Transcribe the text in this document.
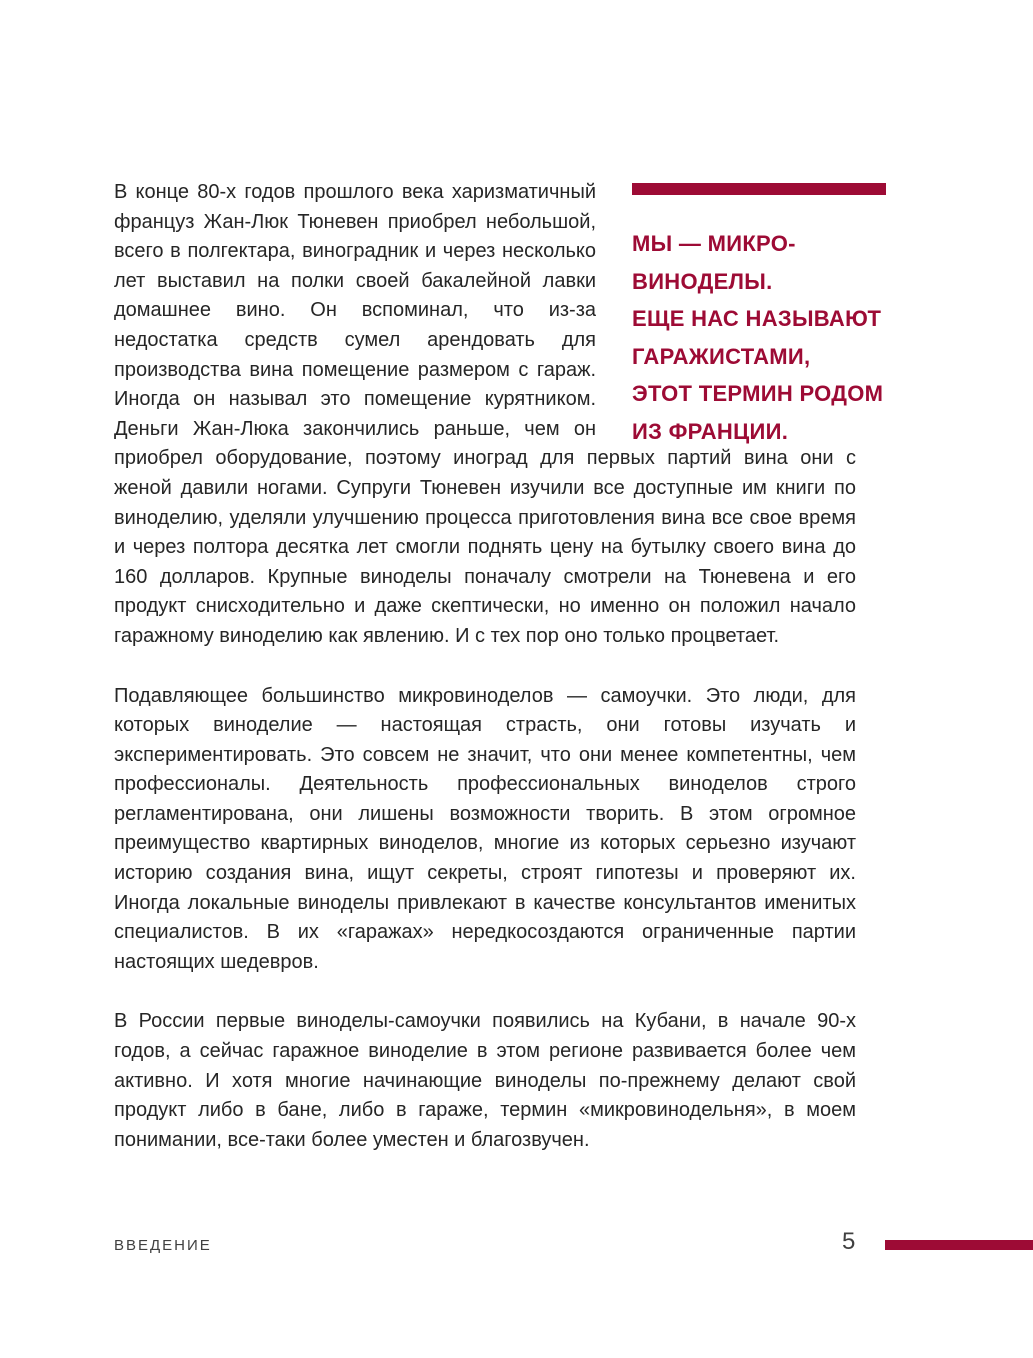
МЫ — МИКРО-
ВИНОДЕЛЫ.
ЕЩЕ НАС НАЗЫВАЮТ
ГАРАЖИСТАМИ,
ЭТОТ ТЕРМИН РОДОМ
ИЗ ФРАНЦИИ.

В конце 80-х годов прошлого века харизматичный француз Жан-Люк Тюневен приобрел небольшой, всего в полгектара, виноградник и через несколько лет выставил на полки своей бакалейной лавки домашнее вино. Он вспоминал, что из-за недостатка средств сумел арендовать для производства вина помещение размером с гараж. Иногда он называл это помещение курятником. Деньги Жан-Люка закончились раньше, чем он приобрел оборудование, поэтому иноград для первых партий вина они с женой давили ногами. Супруги Тюневен изучили все доступные им книги по виноделию, уделяли улучшению процесса приготовления вина все свое время и через полтора десятка лет смогли поднять цену на бутылку своего вина до 160 долларов. Крупные виноделы поначалу смотрели на Тюневена и его продукт снисходительно и даже скептически, но именно он положил начало гаражному виноделию как явлению. И с тех пор оно только процветает.

Подавляющее большинство микровиноделов — самоучки. Это люди, для которых виноделие — настоящая страсть, они готовы изучать и экспериментировать. Это совсем не значит, что они менее компетентны, чем профессионалы. Деятельность профессиональных виноделов строго регламентирована, они лишены возможности творить. В этом огромное преимущество квартирных виноделов, многие из которых серьезно изучают историю создания вина, ищут секреты, строят гипотезы и проверяют их. Иногда локальные виноделы привлекают в качестве консультантов именитых специалистов. В их «гаражах» нередкосоздаются ограниченные партии настоящих шедевров.

В России первые виноделы-самоучки появились на Кубани, в начале 90-х годов, а сейчас гаражное виноделие в этом регионе развивается более чем активно. И хотя многие начинающие виноделы по-прежнему делают свой продукт либо в бане, либо в гараже, термин «микровинодельня», в моем понимании, все-таки более уместен и благозвучен.

ВВЕДЕНИЕ	5
